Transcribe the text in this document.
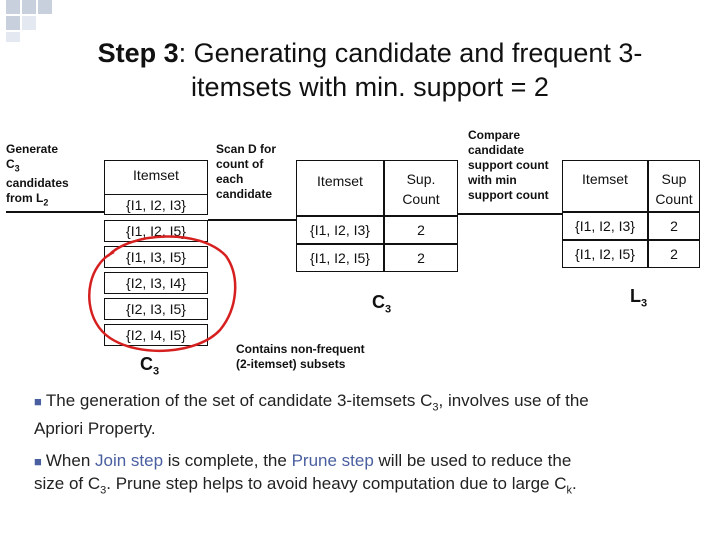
Step 3: Generating candidate and frequent 3-
itemsets with min. support = 2
Generate
$C_3$
candidates
from $L_2$
Itemset
{I1, I2, I3}
{I1, I2, I5}
{I1, I3, I5}
{I2, I3, I4}
{I2, I3, I5}
{I2, I4, I5}
$C_3$
Scan D for
count of
each
candidate
Itemset	Sup.
Count
{I1, I2, I3}	2
{I1, I2, I5}	2
$C_3$
Compare
candidate
support count
with min
support count
Itemset Sup
Count
{I1, I2, I3}	2
{I1, I2, I5}	2
$L_3$
Contains non-frequent
(2-itemset) subsets
■ The generation of the set of candidate 3-itemsets $C_3$, involves use of the
Apriori Property.
■ When Join step is complete, the Prune step will be used to reduce the
size of $C_3$. Prune step helps to avoid heavy computation due to large $C_k$.
